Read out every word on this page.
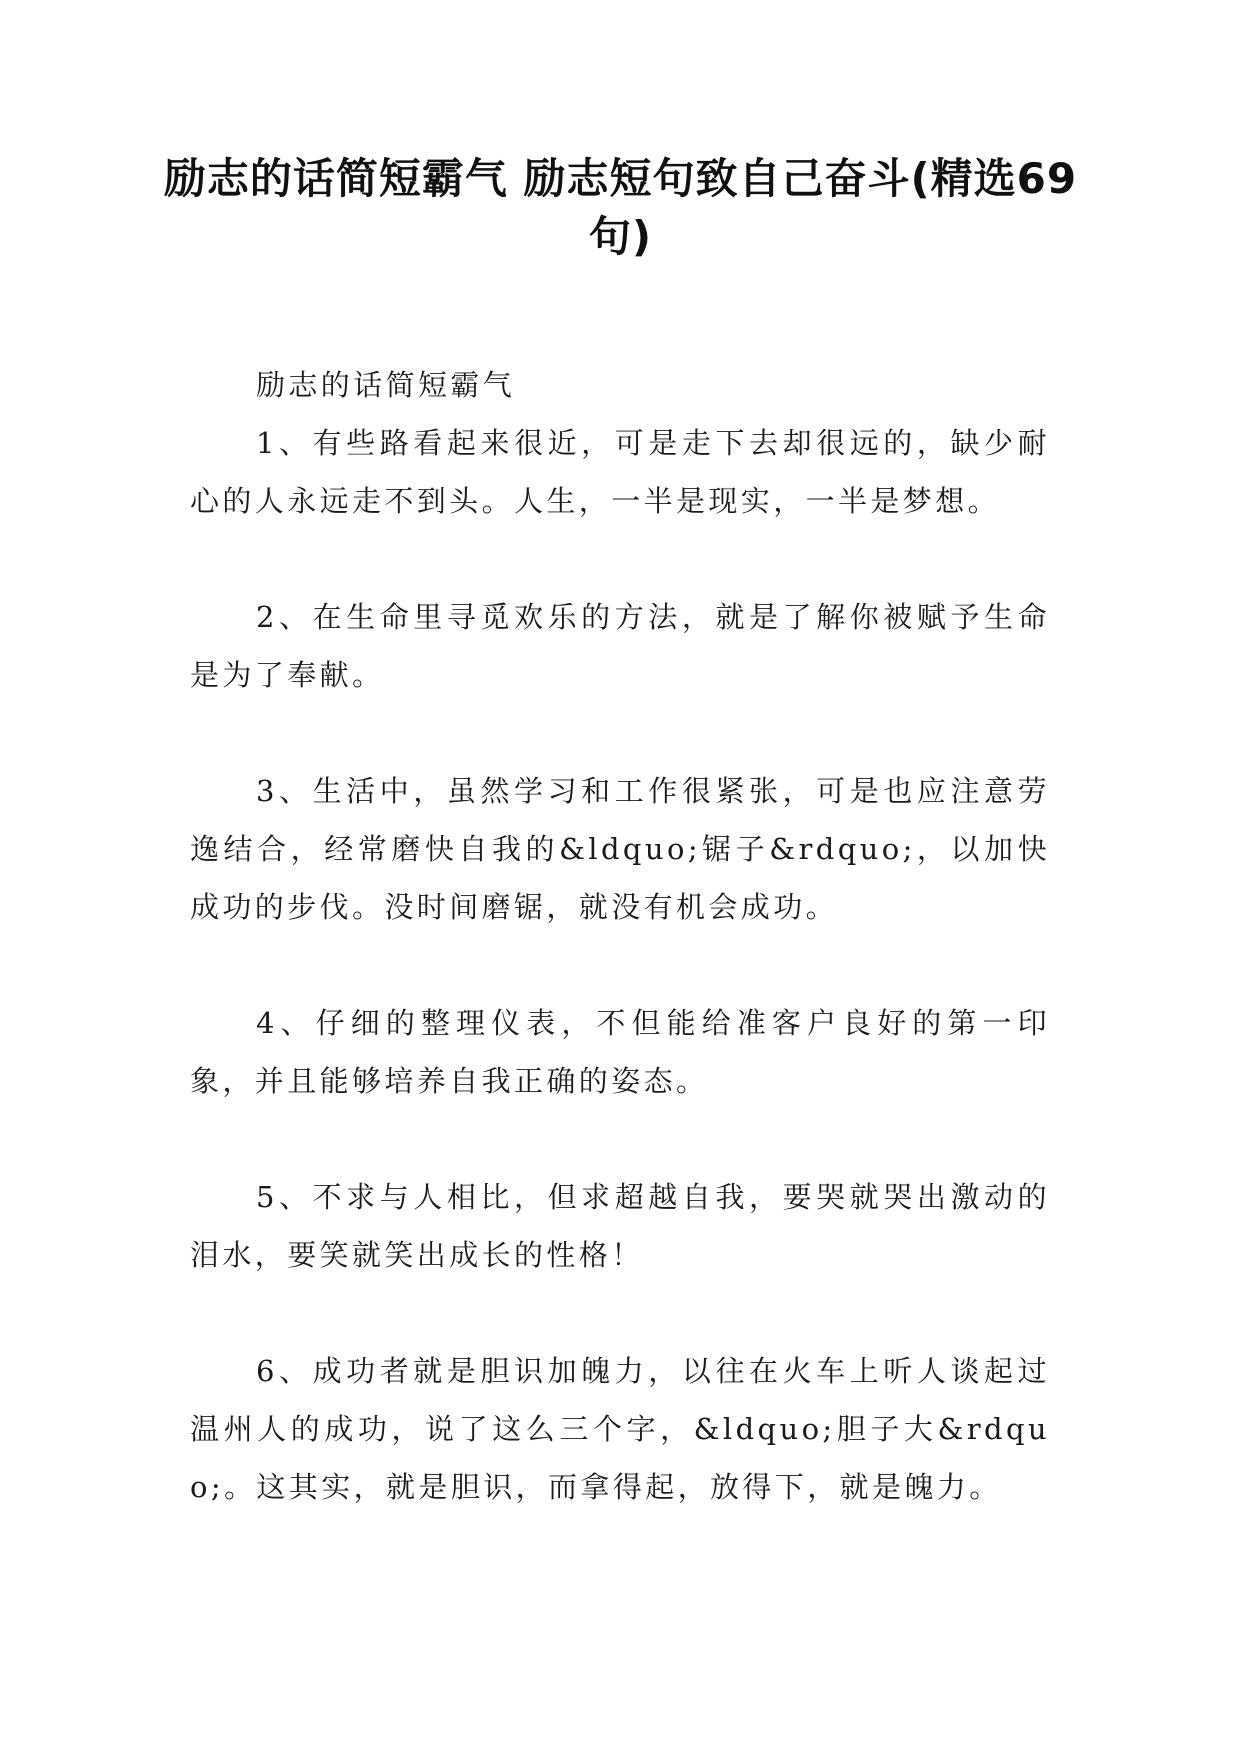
励志的话简短霸气 励志短句致自己奋斗(精选69句)

励志的话简短霸气

1、有些路看起来很近，可是走下去却很远的，缺少耐心的人永远走不到头。人生，一半是现实，一半是梦想。

2、在生命里寻觅欢乐的方法，就是了解你被赋予生命是为了奉献。

3、生活中，虽然学习和工作很紧张，可是也应注意劳逸结合，经常磨快自我的&ldquo;锯子&rdquo;，以加快成功的步伐。没时间磨锯，就没有机会成功。

4、仔细的整理仪表，不但能给准客户良好的第一印象，并且能够培养自我正确的姿态。

5、不求与人相比，但求超越自我，要哭就哭出激动的泪水，要笑就笑出成长的性格！

6、成功者就是胆识加魄力，以往在火车上听人谈起过温州人的成功，说了这么三个字，&ldquo;胆子大&rdquo;。这其实，就是胆识，而拿得起，放得下，就是魄力。
